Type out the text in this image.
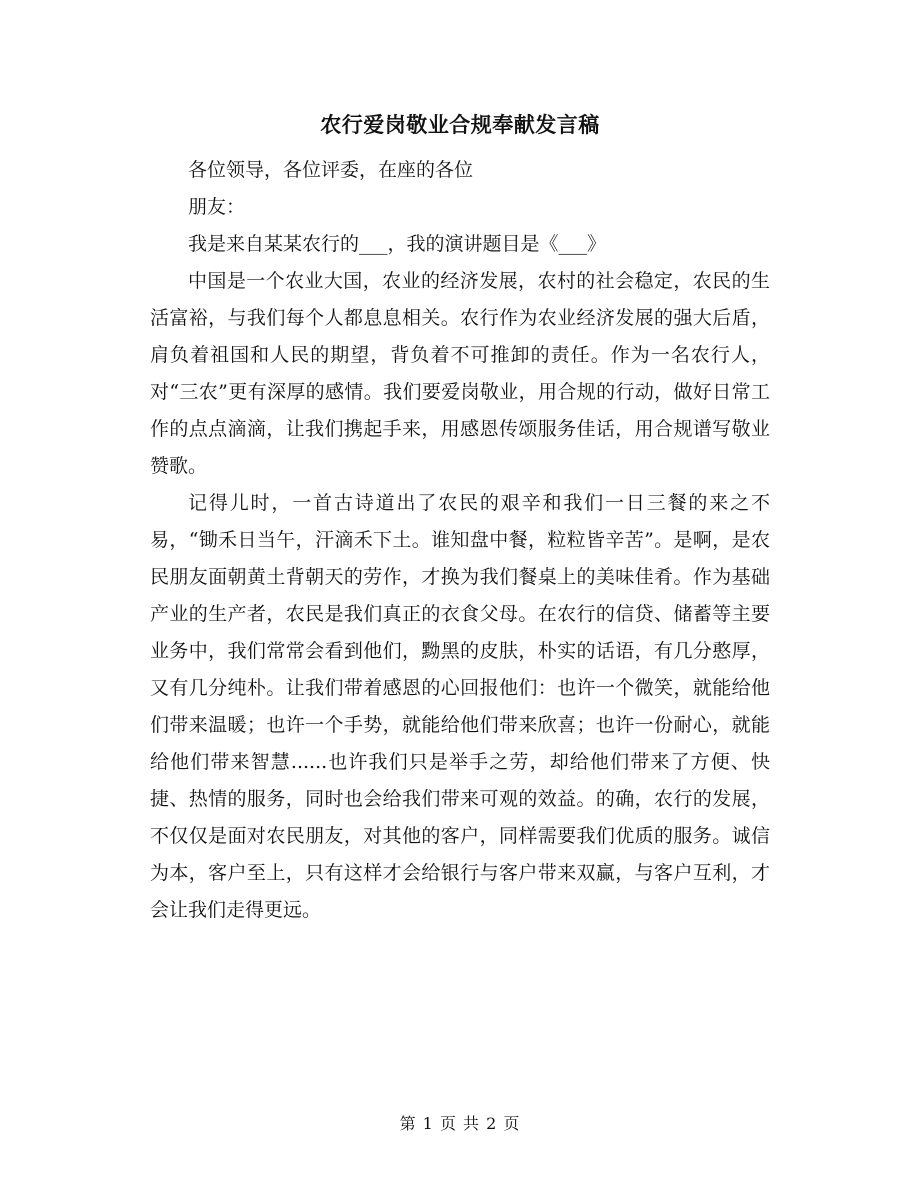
农行爱岗敬业合规奉献发言稿

各位领导，各位评委，在座的各位

朋友：

我是来自某某农行的___，我的演讲题目是《___》

中国是一个农业大国，农业的经济发展，农村的社会稳定，农民的生活富裕，与我们每个人都息息相关。农行作为农业经济发展的强大后盾，肩负着祖国和人民的期望，背负着不可推卸的责任。作为一名农行人，对“三农”更有深厚的感情。我们要爱岗敬业，用合规的行动，做好日常工作的点点滴滴，让我们携起手来，用感恩传颂服务佳话，用合规谱写敬业赞歌。

记得儿时，一首古诗道出了农民的艰辛和我们一日三餐的来之不易，“锄禾日当午，汗滴禾下土。谁知盘中餐，粒粒皆辛苦”。是啊，是农民朋友面朝黄土背朝天的劳作，才换为我们餐桌上的美味佳肴。作为基础产业的生产者，农民是我们真正的衣食父母。在农行的信贷、储蓄等主要业务中，我们常常会看到他们，黝黑的皮肤，朴实的话语，有几分憨厚，又有几分纯朴。让我们带着感恩的心回报他们：也许一个微笑，就能给他们带来温暖；也许一个手势，就能给他们带来欣喜；也许一份耐心，就能给他们带来智慧......也许我们只是举手之劳，却给他们带来了方便、快捷、热情的服务，同时也会给我们带来可观的效益。的确，农行的发展，不仅仅是面对农民朋友，对其他的客户，同样需要我们优质的服务。诚信为本，客户至上，只有这样才会给银行与客户带来双赢，与客户互利，才会让我们走得更远。

第 1 页 共 2 页
